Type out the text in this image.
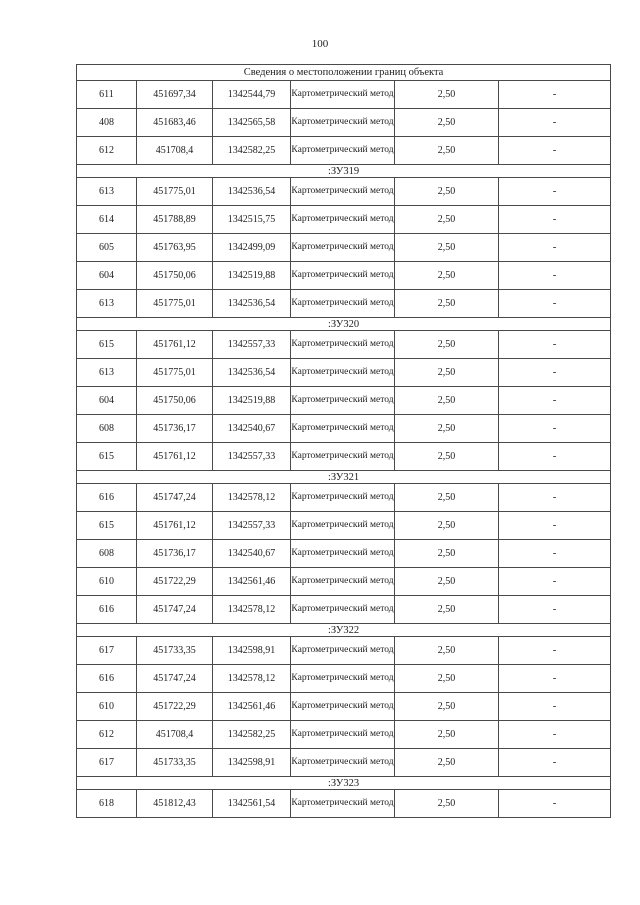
100
Сведения о местоположении границ объекта					
611	451697,34	1342544,79	Картометрический метод	2,50	-
408	451683,46	1342565,58	Картометрический метод	2,50	-
612	451708,4	1342582,25	Картометрический метод	2,50	-
:ЗУ319					
613	451775,01	1342536,54	Картометрический метод	2,50	-
614	451788,89	1342515,75	Картометрический метод	2,50	-
605	451763,95	1342499,09	Картометрический метод	2,50	-
604	451750,06	1342519,88	Картометрический метод	2,50	-
613	451775,01	1342536,54	Картометрический метод	2,50	-
:ЗУ320					
615	451761,12	1342557,33	Картометрический метод	2,50	-
613	451775,01	1342536,54	Картометрический метод	2,50	-
604	451750,06	1342519,88	Картометрический метод	2,50	-
608	451736,17	1342540,67	Картометрический метод	2,50	-
615	451761,12	1342557,33	Картометрический метод	2,50	-
:ЗУ321					
616	451747,24	1342578,12	Картометрический метод	2,50	-
615	451761,12	1342557,33	Картометрический метод	2,50	-
608	451736,17	1342540,67	Картометрический метод	2,50	-
610	451722,29	1342561,46	Картометрический метод	2,50	-
616	451747,24	1342578,12	Картометрический метод	2,50	-
:ЗУ322					
617	451733,35	1342598,91	Картометрический метод	2,50	-
616	451747,24	1342578,12	Картометрический метод	2,50	-
610	451722,29	1342561,46	Картометрический метод	2,50	-
612	451708,4	1342582,25	Картометрический метод	2,50	-
617	451733,35	1342598,91	Картометрический метод	2,50	-
:ЗУ323					
618	451812,43	1342561,54	Картометрический метод	2,50	-
